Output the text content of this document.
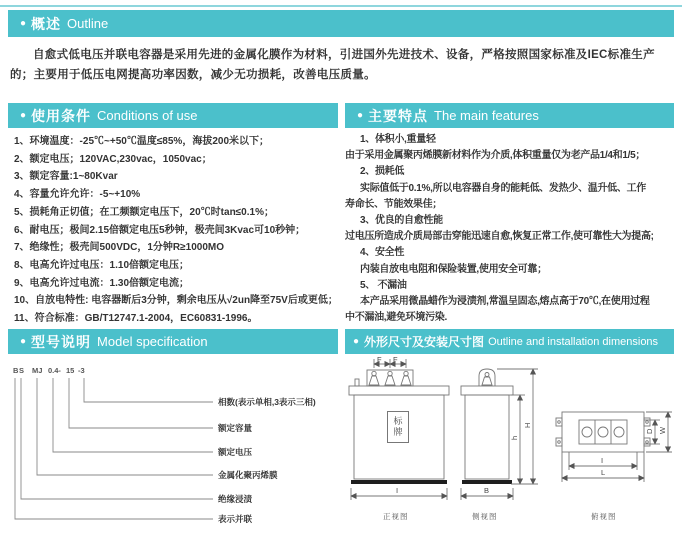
● 概述 Outline
自愈式低电压并联电容器是采用先进的金属化膜作为材料，引进国外先进技术、设备，严格按照国家标准及IEC标准生产的；主要用于低压电网提高功率因数，减少无功损耗，改善电压质量。
● 使用条件 Conditions of use	● 主要特点 The main features
1、环境温度：-25℃~+50℃温度≤85%，海拔200米以下；
2、额定电压；120VAC,230vac，1050vac；
3、额定容量:1~80Kvar
4、容量允许允许：-5~+10%
5、损耗角正切值；在工频额定电压下，20℃时tan≤0.1%；
6、耐电压；极间2.15倍额定电压5秒钟，极壳间3Kvac可10秒钟；
7、绝缘性；极壳间500VDC，1分钟R≥1000MO
8、电高允许过电压：1.10倍额定电压；
9、电高允许过电流：1.30倍额定电流；
10、自放电特性: 电容器断后3分钟，剩余电压从√2un降至75V后或更低；
11、符合标准：GB/T12747.1-2004，EC60831-1996。
1、体积小,重量轻
由于采用金属聚丙烯膜新材料作为介质,体积重量仅为老产品1/4和1/5；
2、损耗低
实际值低于0.1%,所以电容器自身的能耗低、发热少、温升低、工作
寿命长、节能效果佳；
3、优良的自愈性能
过电压所造成介质局部击穿能迅速自愈,恢复正常工作,使可靠性大为提高;
4、安全性
内装自放电电阻和保险装置,使用安全可靠；
5、 不漏油
本产品采用微晶蜡作为浸渍剂,常温呈固态,熔点高于70℃,在使用过程
中不漏油,避免环境污染.
● 型号说明 Model specification	● 外形尺寸及安装尺寸图 Outline and installation dimensions
B S MJ 0.4- 15 -3
相数(表示单相,3表示三相)
额定容量
额定电压
金属化聚丙烯膜
绝缘浸渍
表示并联
F F
I
正视图
B
h
H
侧视图
D W
I
L
俯视图
标牌
